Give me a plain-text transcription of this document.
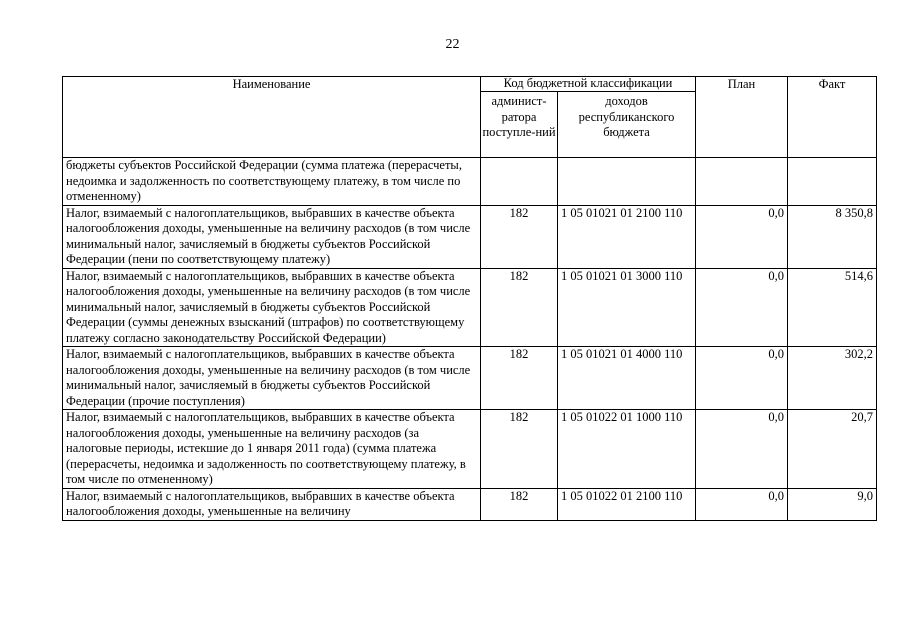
22
Наименование	Код бюджетной классификации		План	Факт
	админист-ратора поступле-ний	доходов республиканского бюджета		
бюджеты субъектов Российской Федерации (сумма платежа (перерасчеты, недоимка и задолженность по соответствующему платежу, в том числе по отмененному)				
Налог, взимаемый с налогоплательщиков, выбравших в качестве объекта налогообложения доходы, уменьшенные на величину расходов (в том числе минимальный налог, зачисляемый в бюджеты субъектов Российской Федерации (пени по соответствующему платежу)	182	1 05 01021 01 2100 110	0,0	8 350,8
Налог, взимаемый с налогоплательщиков, выбравших в качестве объекта налогообложения доходы, уменьшенные на величину расходов (в том числе минимальный налог, зачисляемый в бюджеты субъектов Российской Федерации (суммы денежных взысканий (штрафов) по соответствующему платежу согласно законодательству Российской Федерации)	182	1 05 01021 01 3000 110	0,0	514,6
Налог, взимаемый с налогоплательщиков, выбравших в качестве объекта налогообложения доходы, уменьшенные на величину расходов (в том числе минимальный налог, зачисляемый в бюджеты субъектов Российской Федерации (прочие поступления)	182	1 05 01021 01 4000 110	0,0	302,2
Налог, взимаемый с налогоплательщиков, выбравших в качестве объекта налогообложения доходы, уменьшенные на величину расходов (за налоговые периоды, истекшие до 1 января 2011 года) (сумма платежа (перерасчеты, недоимка и задолженность по соответствующему платежу, в том числе по отмененному)	182	1 05 01022 01 1000 110	0,0	20,7
Налог, взимаемый с налогоплательщиков, выбравших в качестве объекта налогообложения доходы, уменьшенные на величину	182	1 05 01022 01 2100 110	0,0	9,0
